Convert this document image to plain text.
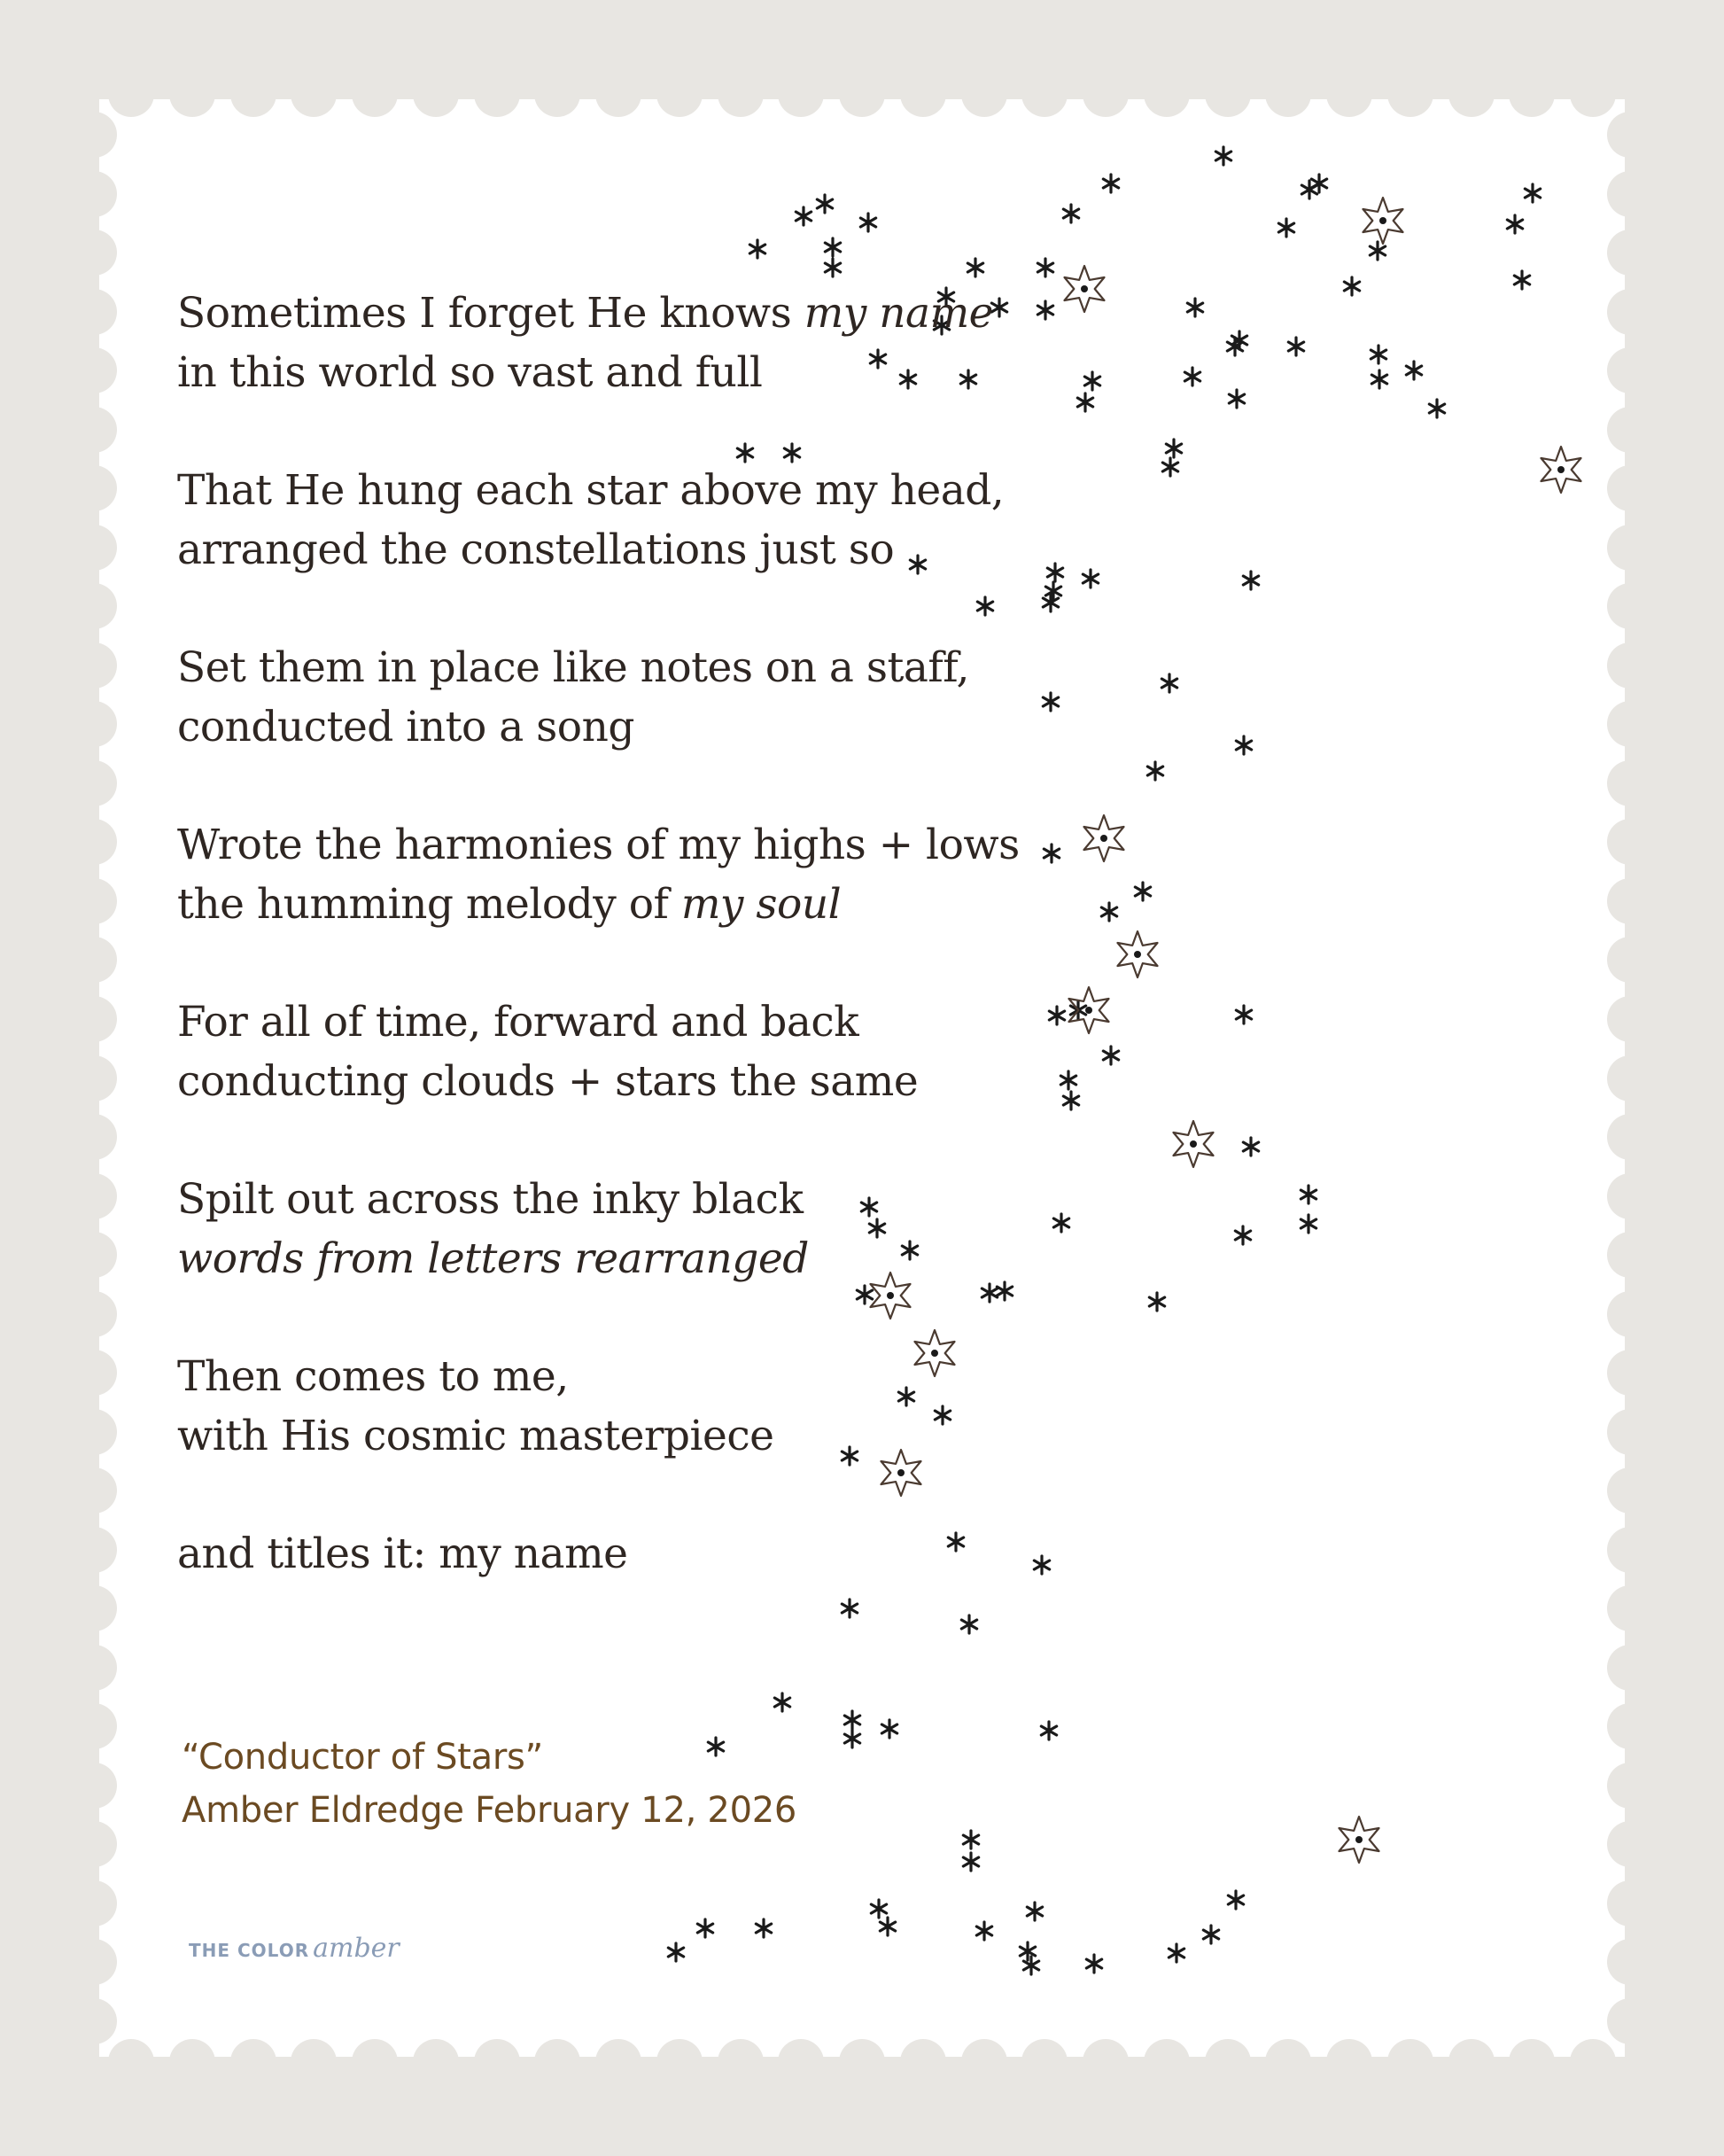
Sometimes I forget He knows my name
in this world so vast and full
That He hung each star above my head,
arranged the constellations just so
Set them in place like notes on a staff,
conducted into a song
Wrote the harmonies of my highs + lows
the humming melody of my soul
For all of time, forward and back
conducting clouds + stars the same
Spilt out across the inky black
words from letters rearranged
Then comes to me,
with His cosmic masterpiece
and titles it: my name
“Conductor of Stars”
Amber Eldredge February 12, 2026
THE COLOR amber
